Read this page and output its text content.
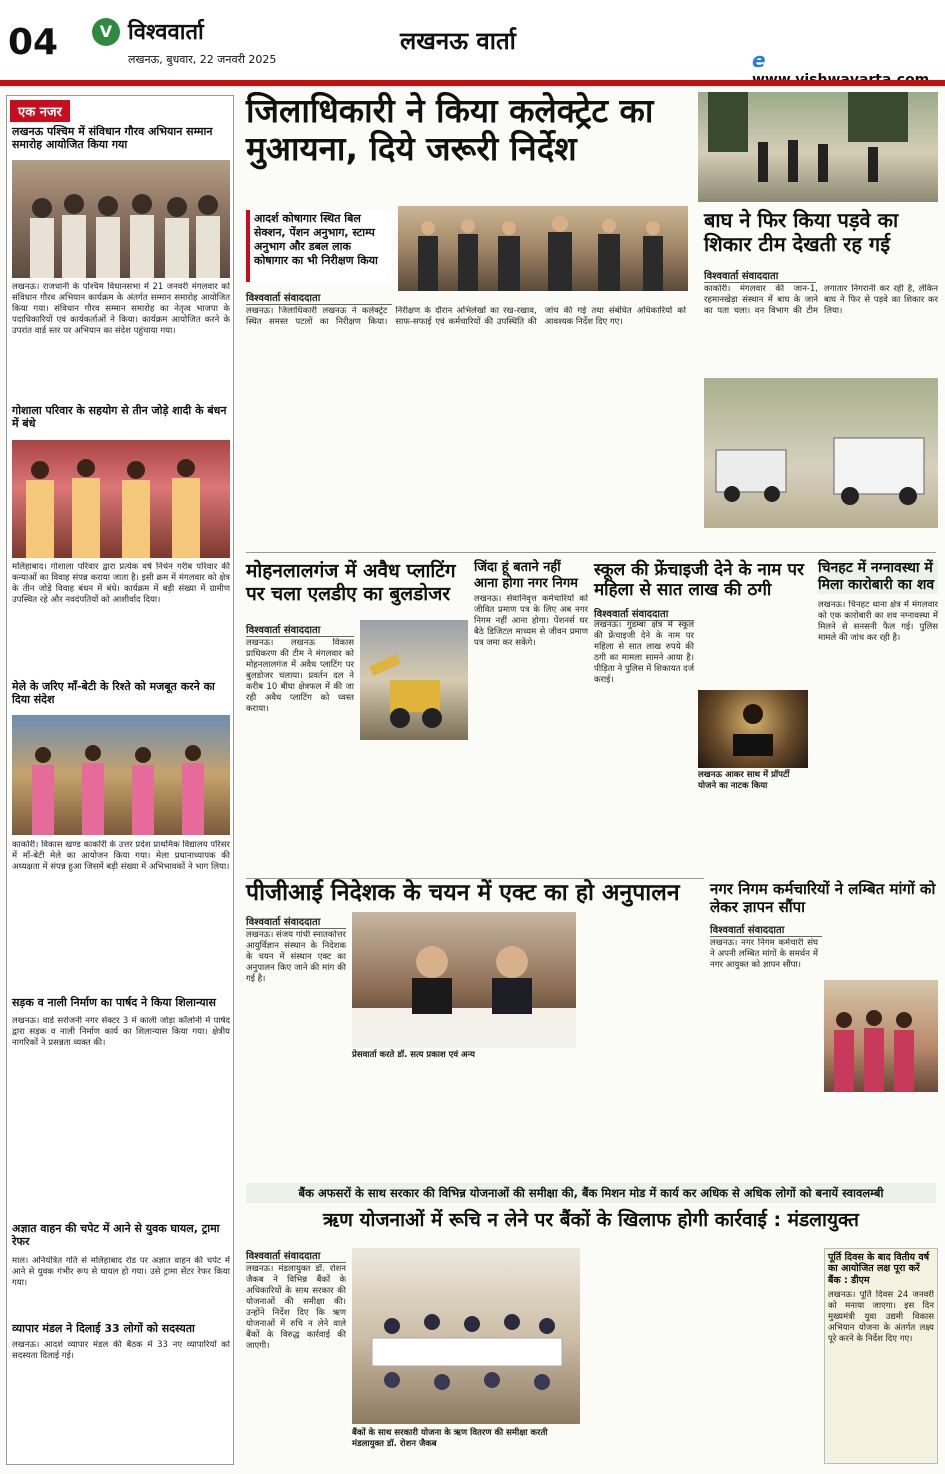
04	V विश्ववार्ता
लखनऊ, बुधवार, 22 जनवरी 2025
लखनऊ वार्ता
e
एक नजर
लखनऊ पश्चिम में संविधान गौरव अभियान सम्मान समारोह आयोजित किया गया
लखनऊ। राजधानी के पश्चिम विधानसभा में 21 जनवरी मंगलवार को संविधान गौरव अभियान कार्यक्रम के अंतर्गत सम्मान समारोह आयोजित किया गया। संविधान गौरव सम्मान समारोह का नेतृत्व भाजपा के पदाधिकारियों एवं कार्यकर्ताओं ने किया। कार्यक्रम आयोजित करने के उपरांत वार्ड स्तर पर अभियान का संदेश पहुंचाया गया।
गोशाला परिवार के सहयोग से तीन जोड़े शादी के बंधन में बंधे
मलिहाबाद। गोशाला परिवार द्वारा प्रत्येक वर्ष निर्धन गरीब परिवार की कन्याओं का विवाह संपन्न कराया जाता है। इसी क्रम में मंगलवार को क्षेत्र के तीन जोड़े विवाह बंधन में बंधे। कार्यक्रम में बड़ी संख्या में ग्रामीण उपस्थित रहे और नवदंपतियों को आशीर्वाद दिया।
मेले के जरिए माँ-बेटी के रिश्ते को मजबूत करने का दिया संदेश
काकोरी। विकास खण्ड काकोरी के उत्तर प्रदेश प्राथमिक विद्यालय परिसर में माँ-बेटी मेले का आयोजन किया गया। मेला प्रधानाध्यापक की अध्यक्षता में संपन्न हुआ जिसमें बड़ी संख्या में अभिभावकों ने भाग लिया।
सड़क व नाली निर्माण का पार्षद ने किया शिलान्यास
लखनऊ। वार्ड सरोजनी नगर सेक्टर 3 में काली जोड़ा कॉलोनी में पार्षद द्वारा सड़क व नाली निर्माण कार्य का शिलान्यास किया गया। क्षेत्रीय नागरिकों ने प्रसन्नता व्यक्त की।
अज्ञात वाहन की चपेट में आने से युवक घायल, ट्रामा रेफर
माल। अनियंत्रित गति से मलिहाबाद रोड पर अज्ञात वाहन की चपेट में आने से युवक गंभीर रूप से घायल हो गया। उसे ट्रामा सेंटर रेफर किया गया।
व्यापार मंडल ने दिलाई 33 लोगों को सदस्यता
लखनऊ। आदर्श व्यापार मंडल की बैठक में 33 नए व्यापारियों को सदस्यता दिलाई गई।
जिलाधिकारी ने किया कलेक्ट्रेट का मुआयना, दिये जरूरी निर्देश
आदर्श कोषागार स्थित बिल सेक्शन, पेंशन अनुभाग, स्टाम्प अनुभाग और डबल लाक कोषागार का भी निरीक्षण किया
विश्ववार्ता संवाददाता
लखनऊ। जिलाधिकारी लखनऊ ने कलेक्ट्रेट स्थित समस्त पटलों का निरीक्षण किया। निरीक्षण के दौरान अभिलेखों का रख-रखाव, साफ-सफाई एवं कर्मचारियों की उपस्थिति की जांच की गई तथा संबंधित अधिकारियों को आवश्यक निर्देश दिए गए।
बाघ ने फिर किया पड़वे का शिकार टीम देखती रह गई
विश्ववार्ता संवाददाता
काकोरी। मंगलवार की जान-1, रहमानखेड़ा संस्थान में बाघ के जाने का पता चला। वन विभाग की टीम लगातार निगरानी कर रही है, लेकिन बाघ ने फिर से पड़वे का शिकार कर लिया।
मोहनलालगंज में अवैध प्लाटिंग पर चला एलडीए का बुलडोजर
विश्ववार्ता संवाददाता
लखनऊ। लखनऊ विकास प्राधिकरण की टीम ने मंगलवार को मोहनलालगंज में अवैध प्लाटिंग पर बुलडोजर चलाया। प्रवर्तन दल ने करीब 10 बीघा क्षेत्रफल में की जा रही अवैध प्लाटिंग को ध्वस्त कराया।
जिंदा हूं बताने नहीं आना होगा नगर निगम
लखनऊ। सेवानिवृत्त कर्मचारियों को जीवित प्रमाण पत्र के लिए अब नगर निगम नहीं आना होगा। पेंशनर्स घर बैठे डिजिटल माध्यम से जीवन प्रमाण पत्र जमा कर सकेंगे।
स्कूल की फ्रेंचाइजी देने के नाम पर महिला से सात लाख की ठगी
विश्ववार्ता संवाददाता
लखनऊ। गुडम्बा क्षेत्र में स्कूल की फ्रेंचाइजी देने के नाम पर महिला से सात लाख रुपये की ठगी का मामला सामने आया है। पीड़िता ने पुलिस में शिकायत दर्ज कराई।
लखनऊ आकर साथ में प्रॉपर्टी योजने का नाटक किया
चिनहट में नग्नावस्था में मिला कारोबारी का शव
लखनऊ। चिनहट थाना क्षेत्र में मंगलवार को एक कारोबारी का शव नग्नावस्था में मिलने से सनसनी फैल गई। पुलिस मामले की जांच कर रही है।
पीजीआई निदेशक के चयन में एक्ट का हो अनुपालन
विश्ववार्ता संवाददाता
लखनऊ। संजय गांधी स्नातकोत्तर आयुर्विज्ञान संस्थान के निदेशक के चयन में संस्थान एक्ट का अनुपालन किए जाने की मांग की गई है।
प्रेसवार्ता करते डॉ. सत्य प्रकाश एवं अन्य
नगर निगम कर्मचारियों ने लम्बित मांगों को लेकर ज्ञापन सौंपा
विश्ववार्ता संवाददाता
लखनऊ। नगर निगम कर्मचारी संघ ने अपनी लम्बित मांगों के समर्थन में नगर आयुक्त को ज्ञापन सौंपा।
बैंक अफसरों के साथ सरकार की विभिन्न योजनाओं की समीक्षा की, बैंक मिशन मोड में कार्य कर अधिक से अधिक लोगों को बनायें स्वावलम्बी
ऋण योजनाओं में रूचि न लेने पर बैंकों के खिलाफ होगी कार्रवाई : मंडलायुक्त
विश्ववार्ता संवाददाता
लखनऊ। मंडलायुक्त डॉ. रोशन जैकब ने विभिन्न बैंकों के अधिकारियों के साथ सरकार की योजनाओं की समीक्षा की। उन्होंने निर्देश दिए कि ऋण योजनाओं में रुचि न लेने वाले बैंकों के विरुद्ध कार्रवाई की जाएगी।
बैंकों के साथ सरकारी योजना के ऋण वितरण की समीक्षा करती मंडलायुक्त डॉ. रोशन जैकब
पूर्ति दिवस के बाद वितीय वर्ष का आयोजित लक्ष पूरा करें बैंक : डीएम
लखनऊ। पूर्ति दिवस 24 जनवरी को मनाया जाएगा। इस दिन मुख्यमंत्री युवा उद्यमी विकास अभियान योजना के अंतर्गत लक्ष्य पूरे करने के निर्देश दिए गए।
